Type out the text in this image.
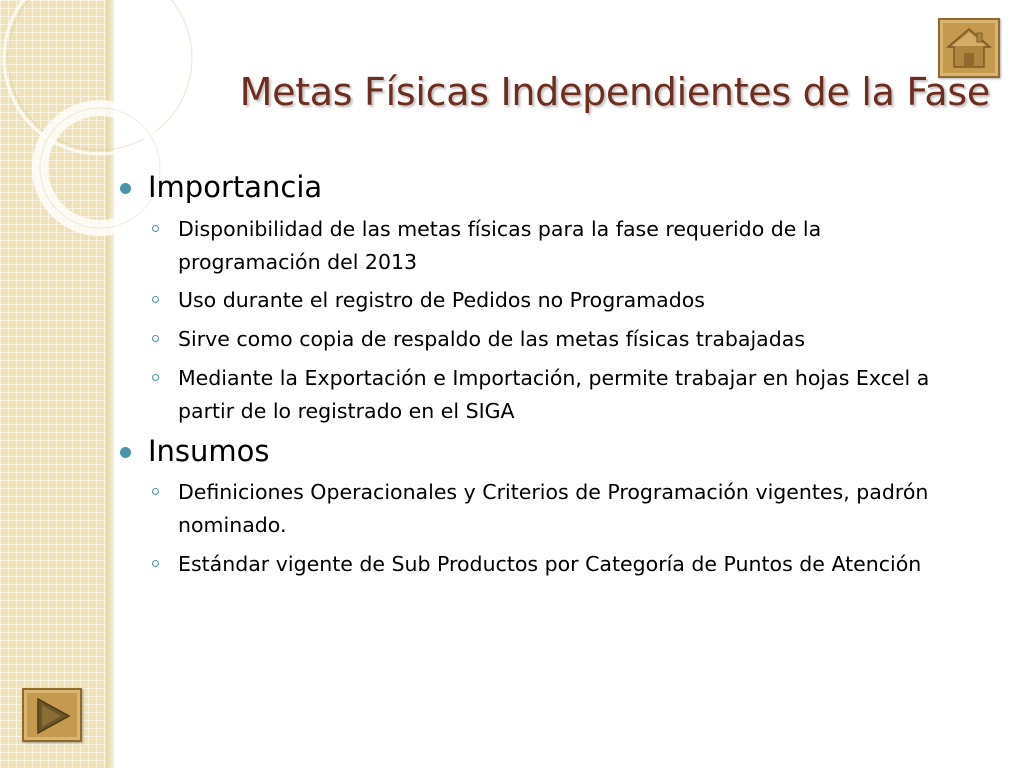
Metas Físicas Independientes de la Fase
Importancia
Disponibilidad de las metas físicas para la fase requerido de la programación del 2013
Uso durante el registro de Pedidos no Programados
Sirve como copia de respaldo de las metas físicas trabajadas
Mediante la Exportación e Importación, permite trabajar en hojas Excel a partir de lo registrado en el SIGA
Insumos
Definiciones Operacionales y Criterios de Programación vigentes, padrón nominado.
Estándar vigente de Sub Productos por Categoría de Puntos de Atención
